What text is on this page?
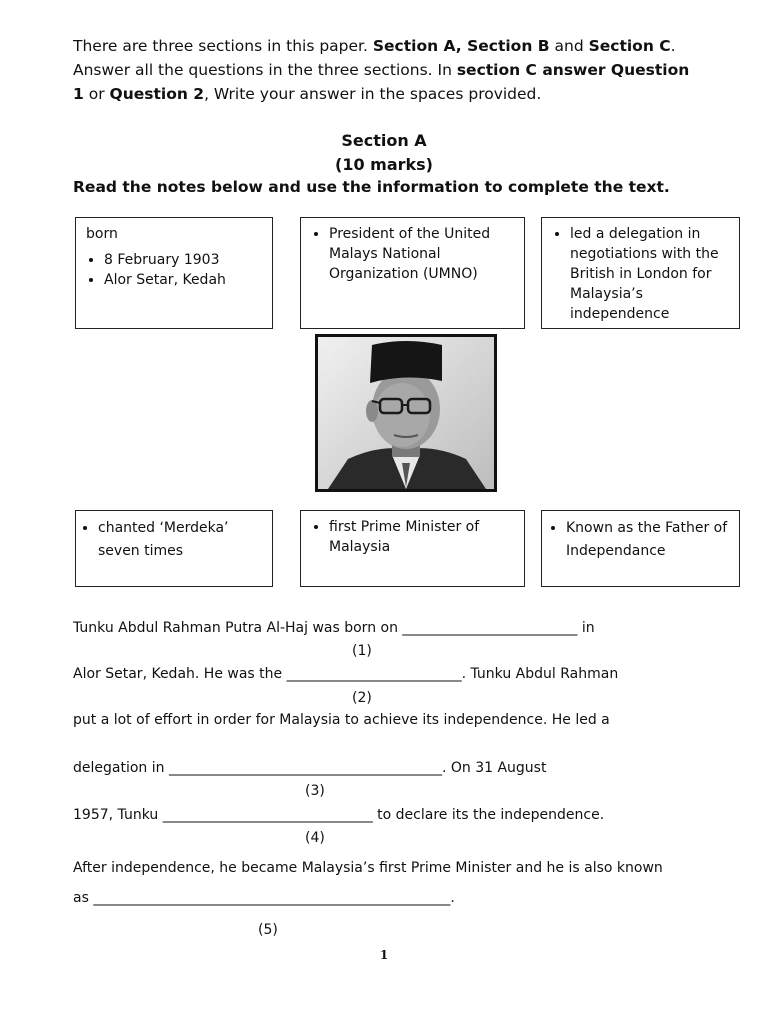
There are three sections in this paper. Section A, Section B and Section C. Answer all the questions in the three sections. In section C answer Question 1 or Question 2, Write your answer in the spaces provided.
Section A
(10 marks)
Read the notes below and use the information to complete the text.
born
• 8 February 1903
• Alor Setar, Kedah
• President of the United Malays National Organization (UMNO)
• led a delegation in negotiations with the British in London for Malaysia’s independence
• chanted ‘Merdeka’ seven times
• first Prime Minister of Malaysia
• Known as the Father of Independance
Tunku Abdul Rahman Putra Al-Haj was born on _________________________ in
(1)
Alor Setar, Kedah. He was the _________________________. Tunku Abdul Rahman
(2)
put a lot of effort in order for Malaysia to achieve its independence. He led a
delegation in _______________________________________. On 31 August
(3)
1957, Tunku ______________________________ to declare its the independence.
(4)
After independence, he became Malaysia’s first Prime Minister and he is also known
as ___________________________________________________.
(5)
1
